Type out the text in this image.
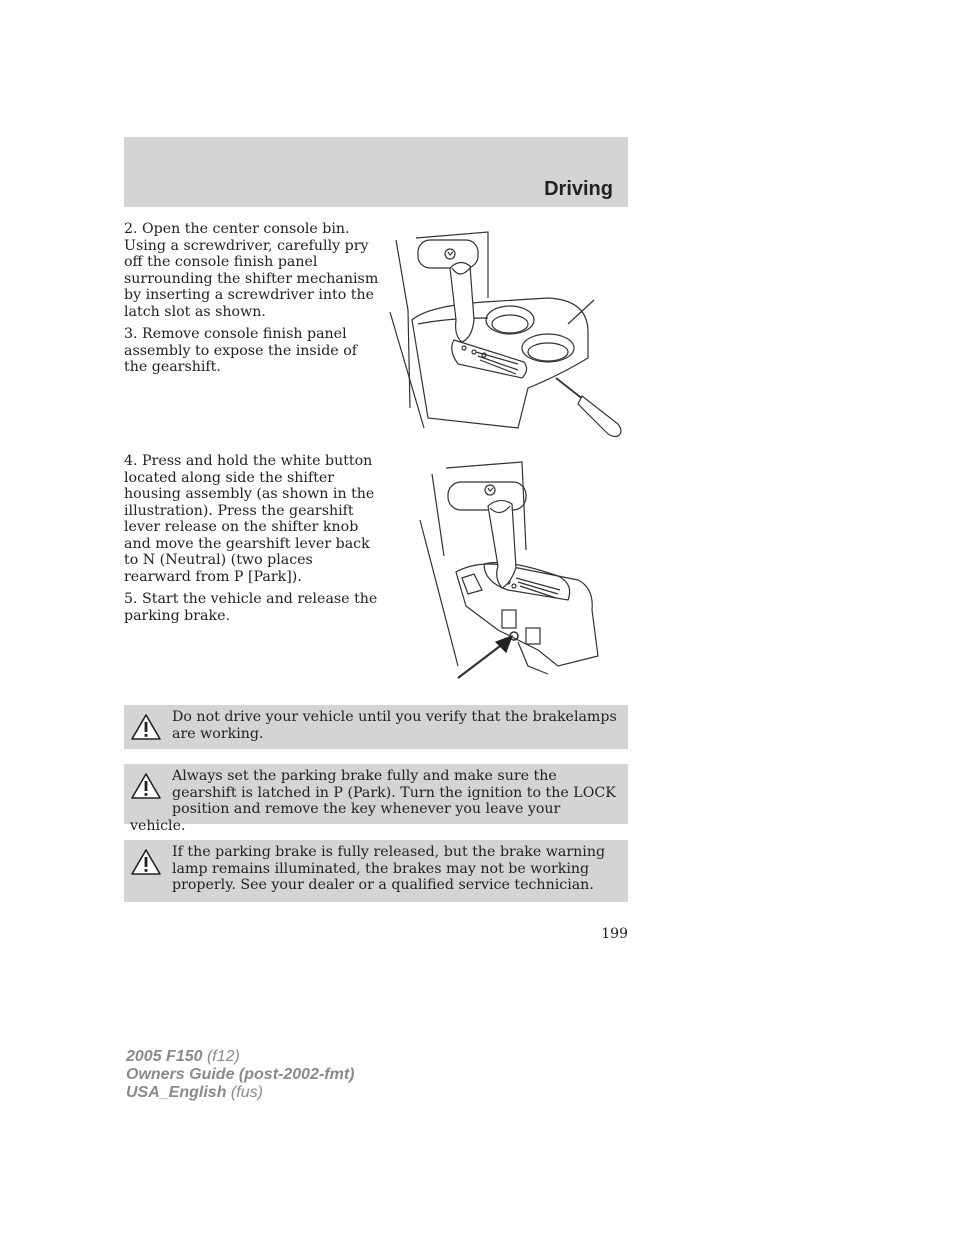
Driving

2. Open the center console bin. Using a screwdriver, carefully pry off the console finish panel surrounding the shifter mechanism by inserting a screwdriver into the latch slot as shown.

3. Remove console finish panel assembly to expose the inside of the gearshift.

4. Press and hold the white button located along side the shifter housing assembly (as shown in the illustration). Press the gearshift lever release on the shifter knob and move the gearshift lever back to N (Neutral) (two places rearward from P [Park]).

5. Start the vehicle and release the parking brake.

Do not drive your vehicle until you verify that the brakelamps are working.
Always set the parking brake fully and make sure the gearshift is latched in P (Park). Turn the ignition to the LOCK position and remove the key whenever you leave your vehicle.
If the parking brake is fully released, but the brake warning lamp remains illuminated, the brakes may not be working properly. See your dealer or a qualified service technician.
199
2005 F150 (f12)
Owners Guide (post-2002-fmt)
USA_English (fus)
